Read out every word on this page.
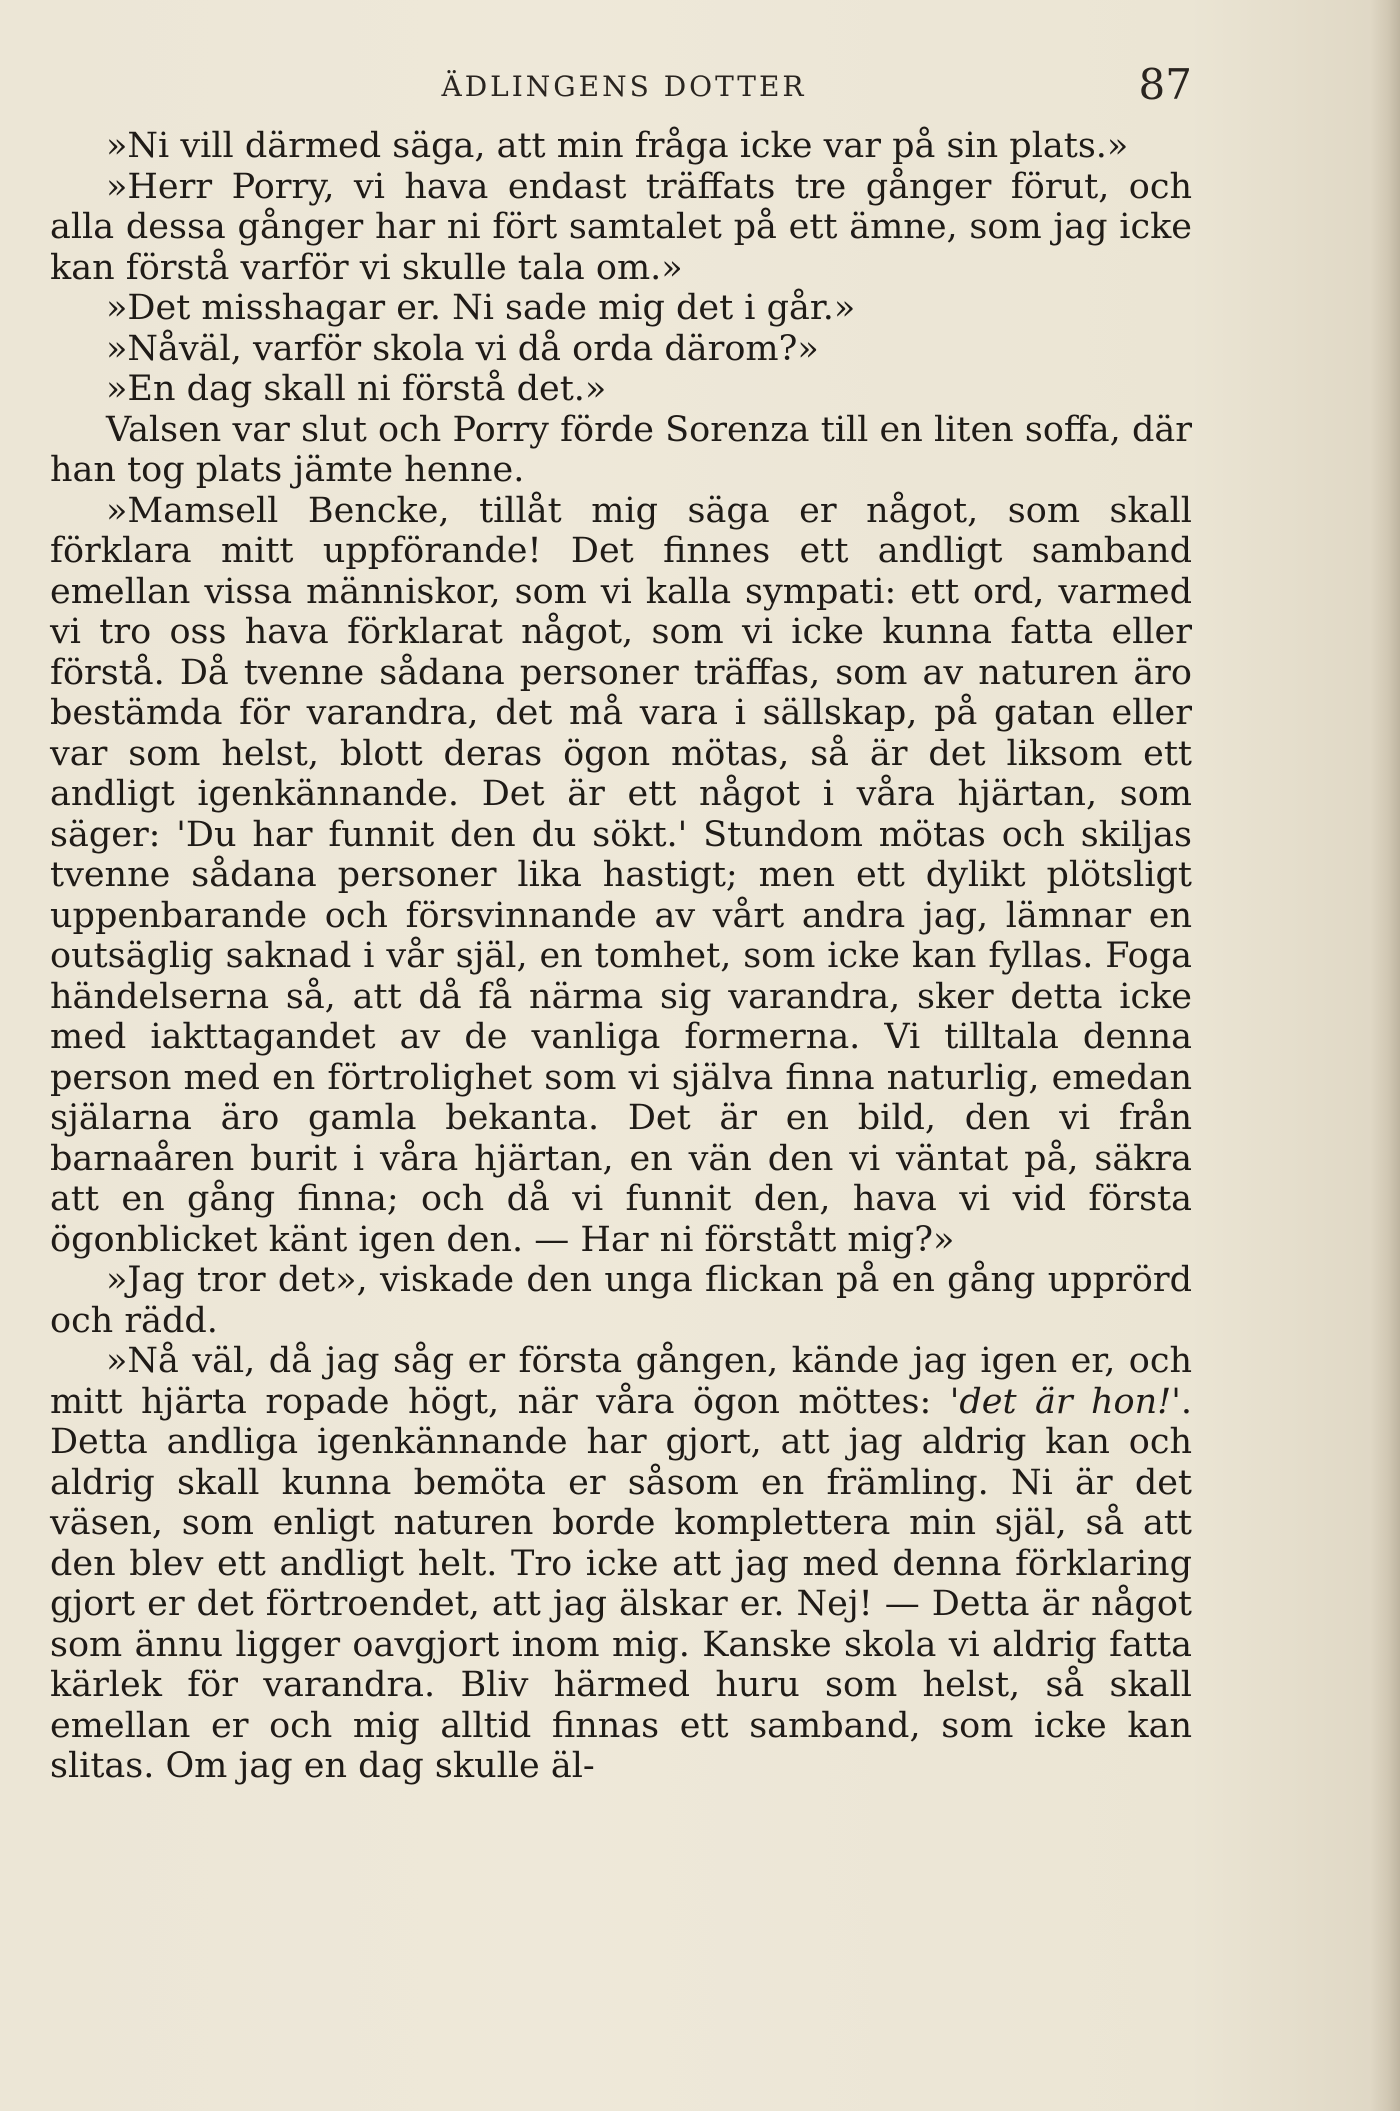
ÄDLINGENS DOTTER	87

»Ni vill därmed säga, att min fråga icke var på sin plats.»

»Herr Porry, vi hava endast träffats tre gånger förut, och alla dessa gånger har ni fört samtalet på ett ämne, som jag icke kan förstå varför vi skulle tala om.»

»Det misshagar er. Ni sade mig det i går.»

»Nåväl, varför skola vi då orda därom?»

»En dag skall ni förstå det.»

Valsen var slut och Porry förde Sorenza till en liten soffa, där han tog plats jämte henne.

»Mamsell Bencke, tillåt mig säga er något, som skall förklara mitt uppförande! Det finnes ett andligt samband emellan vissa människor, som vi kalla sympati: ett ord, varmed vi tro oss hava förklarat något, som vi icke kunna fatta eller förstå. Då tvenne sådana personer träffas, som av naturen äro bestämda för varandra, det må vara i sällskap, på gatan eller var som helst, blott deras ögon mötas, så är det liksom ett andligt igenkännande. Det är ett något i våra hjärtan, som säger: 'Du har funnit den du sökt.' Stundom mötas och skiljas tvenne sådana personer lika hastigt; men ett dylikt plötsligt uppenbarande och försvinnande av vårt andra jag, lämnar en outsäglig saknad i vår själ, en tomhet, som icke kan fyllas. Foga händelserna så, att då få närma sig varandra, sker detta icke med iakttagandet av de vanliga formerna. Vi tilltala denna person med en förtrolighet som vi själva finna naturlig, emedan själarna äro gamla bekanta. Det är en bild, den vi från barnaåren burit i våra hjärtan, en vän den vi väntat på, säkra att en gång finna; och då vi funnit den, hava vi vid första ögonblicket känt igen den. — Har ni förstått mig?»

»Jag tror det», viskade den unga flickan på en gång upprörd och rädd.

»Nå väl, då jag såg er första gången, kände jag igen er, och mitt hjärta ropade högt, när våra ögon möttes: 'det är hon!'. Detta andliga igenkännande har gjort, att jag aldrig kan och aldrig skall kunna bemöta er såsom en främling. Ni är det väsen, som enligt naturen borde komplettera min själ, så att den blev ett andligt helt. Tro icke att jag med denna förklaring gjort er det förtroendet, att jag älskar er. Nej! — Detta är något som ännu ligger oavgjort inom mig. Kanske skola vi aldrig fatta kärlek för varandra. Bliv härmed huru som helst, så skall emellan er och mig alltid finnas ett samband, som icke kan slitas. Om jag en dag skulle äl-
